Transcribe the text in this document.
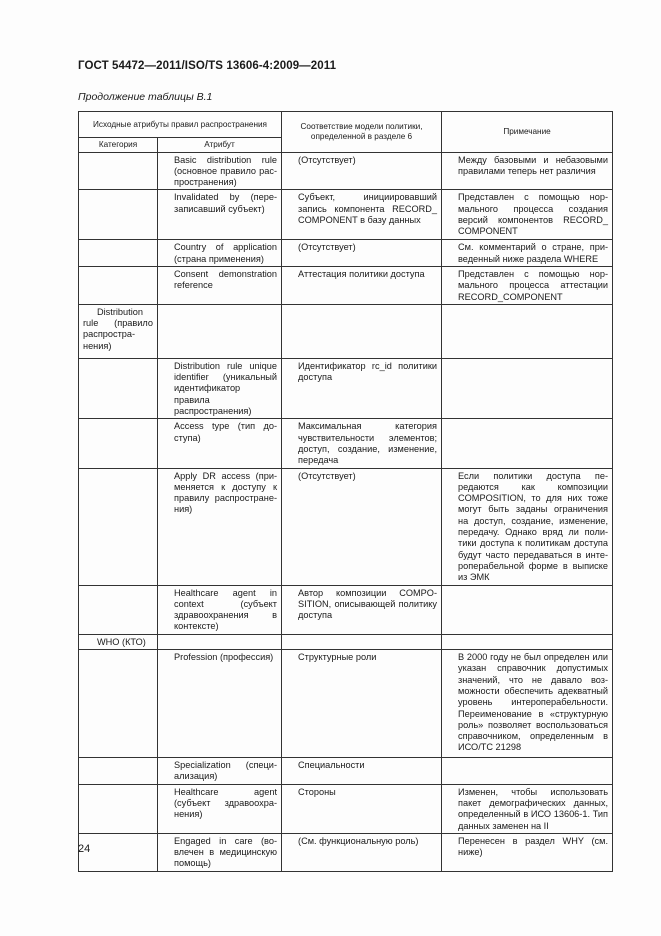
ГОСТ 54472—2011/ISO/TS 13606-4:2009—2011
Продолжение таблицы В.1
Исходные атрибуты правил распространения		Соответствие модели политики, определенной в разделе 6	Примечание
Категория	Атрибут		
	Basic distribution rule (основное правило распространения)	(Отсутствует)	Между базовыми и небазовыми правилами теперь нет различия
	Invalidated by (перезаписавший субъект)	Субъект, инициировавший запись компонента RECORD_ COMPONENT в базу данных	Представлен с помощью нормального процесса создания версий компонентов RECORD_ COMPONENT
	Country of application (страна применения)	(Отсутствует)	См. комментарий о стране, приведенный ниже раздела WHERE
	Consent demonstration reference	Аттестация политики доступа	Представлен с помощью нормального процесса аттестации RECORD_COMPONENT
Distribution rule (правило распространения)			
	Distribution rule unique identifier (уникальный идентификатор правила распространения)	Идентификатор rc_id политики доступа	
	Access type (тип доступа)	Максимальная категория чувствительности элементов; доступ, создание, изменение, передача	
	Apply DR access (применяется к доступу к правилу распространения)	(Отсутствует)	Если политики доступа передаются как композиции COMPOSITION, то для них тоже могут быть заданы ограничения на доступ, создание, изменение, передачу. Однако вряд ли политики доступа к политикам доступа будут часто передаваться в интероперабельной форме в выписке из ЭМК
	Healthcare agent in context (субъект здравоохранения в контексте)	Автор композиции COMPOSITION, описывающей политику доступа	
WHO (КТО)			
	Profession (профессия)	Структурные роли	В 2000 году не был определен или указан справочник допустимых значений, что не давало возможности обеспечить адекватный уровень интероперабельности. Переименование в «структурную роль» позволяет воспользоваться справочником, определенным в ИСО/ТС 21298
	Specialization (специализация)	Специальности	
	Healthcare agent (субъект здравоохранения)	Стороны	Изменен, чтобы использовать пакет демографических данных, определенный в ИСО 13606-1. Тип данных заменен на II
	Engaged in care (вовлечен в медицинскую помощь)	(См. функциональную роль)	Перенесен в раздел WHY (см. ниже)
24
